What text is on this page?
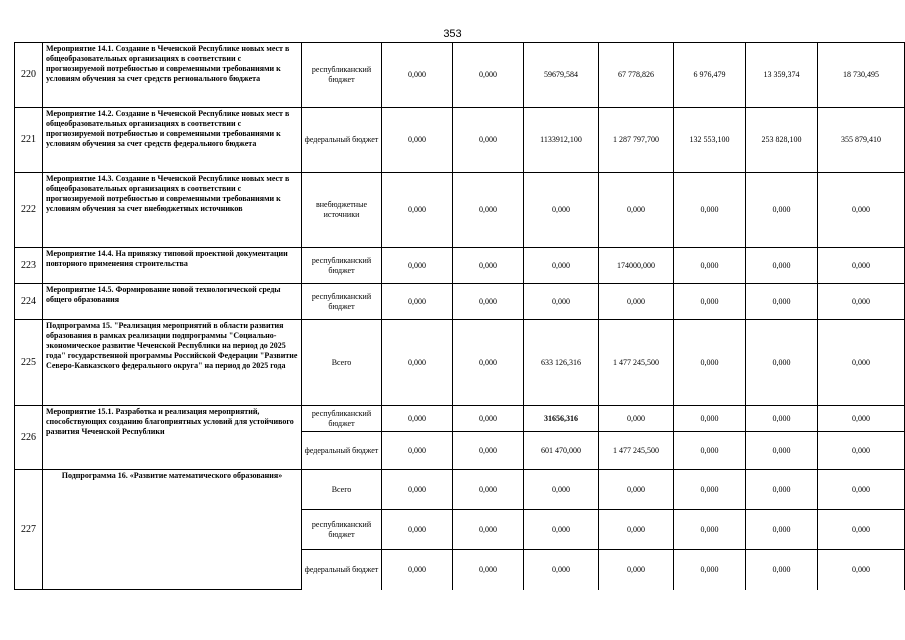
353
220	Мероприятие 14.1. Создание в Чеченской Республике новых мест в общеобразовательных организациях в соответствии с прогнозируемой потребностью и современными требованиями к условиям обучения за счет средств регионального бюджета	республиканский бюджет	0,000	0,000	59679,584	67 778,826	6 976,479	13 359,374	18 730,495
221	Мероприятие 14.2. Создание в Чеченской Республике новых мест в общеобразовательных организациях в соответствии с прогнозируемой потребностью и современными требованиями к условиям обучения за счет средств федерального бюджета	федеральный бюджет	0,000	0,000	1133912,100	1 287 797,700	132 553,100	253 828,100	355 879,410
222	Мероприятие 14.3. Создание в Чеченской Республике новых мест в общеобразовательных организациях в соответствии с прогнозируемой потребностью и современными требованиями к условиям обучения за счет внебюджетных источников	внебюджетные источники	0,000	0,000	0,000	0,000	0,000	0,000	0,000
223	Мероприятие 14.4. На привязку типовой проектной документации повторного применения строительства	республиканский бюджет	0,000	0,000	0,000	174000,000	0,000	0,000	0,000
224	Мероприятие 14.5. Формирование новой технологической среды общего образования	республиканский бюджет	0,000	0,000	0,000	0,000	0,000	0,000	0,000
225	Подпрограмма 15. "Реализация мероприятий в области развития образования в рамках реализации подпрограммы "Социально-экономическое развитие Чеченской Республики на период до 2025 года" государственной программы Российской Федерации "Развитие Северо-Кавказского федерального округа" на период до 2025 года	Всего	0,000	0,000	633 126,316	1 477 245,500	0,000	0,000	0,000
226	Мероприятие 15.1. Разработка и реализация мероприятий, способствующих созданию благоприятных условий для устойчивого развития Чеченской Республики	республиканский бюджет	0,000	0,000	31656,316	0,000	0,000	0,000	0,000
		федеральный бюджет	0,000	0,000	601 470,000	1 477 245,500	0,000	0,000	0,000
227	Подпрограмма 16. «Развитие математического образования»	Всего	0,000	0,000	0,000	0,000	0,000	0,000	0,000
		республиканский бюджет	0,000	0,000	0,000	0,000	0,000	0,000	0,000
		федеральный бюджет	0,000	0,000	0,000	0,000	0,000	0,000	0,000
